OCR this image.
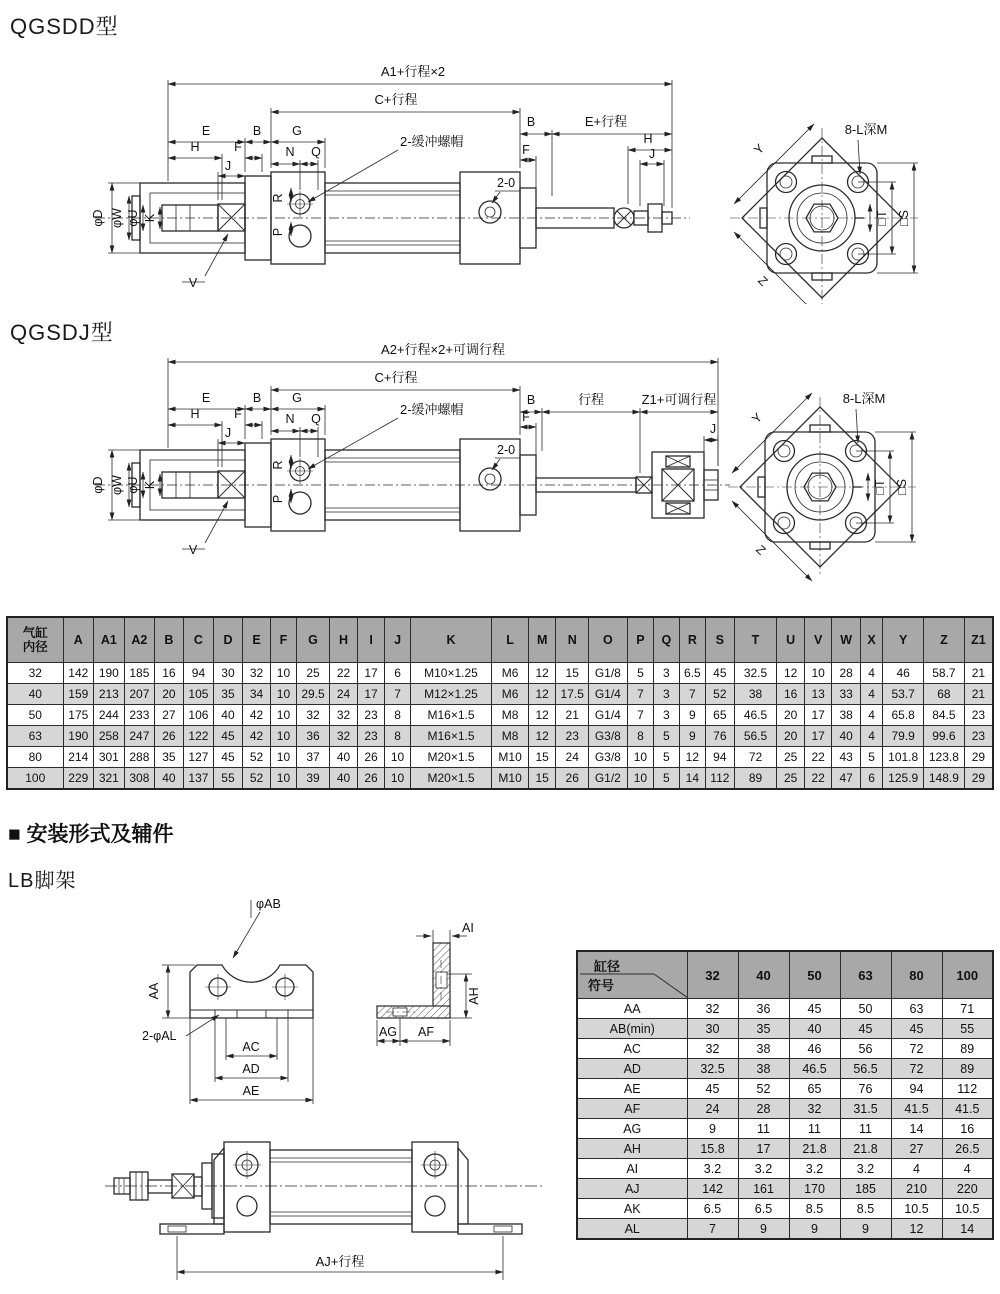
QGSDD型
A1+行程×2
C+行程
B	E+行程
E	B G
H	F	N Q
J
2-缓冲螺帽
2-0
F
H
J
φD φW φU K
V
R
P
8-L深M
Y
Z
I □T □S
QGSDJ型
A2+行程×2+可调行程
C+行程
B	行程	Z1+可调行程
E	B G
H	F	N Q
J
2-缓冲螺帽
2-0
F
J
φD φW φU K
V
R
P
8-L深M
Y
Z
I □T □S
气缸
内径	A	A1	A2	B	C	D	E	F	G	H	I	J	K	L	M	N	O	P	Q	R	S	T	U	V	W	X	Y	Z	Z1
32	142	190	185	16	94	30	32	10	25	22	17	6	M10×1.25	M6	12	15	G1/8	5	3	6.5	45	32.5	12	10	28	4	46	58.7	21
40	159	213	207	20	105	35	34	10	29.5	24	17	7	M12×1.25	M6	12	17.5	G1/4	7	3	7	52	38	16	13	33	4	53.7	68	21
50	175	244	233	27	106	40	42	10	32	32	23	8	M16×1.5	M8	12	21	G1/4	7	3	9	65	46.5	20	17	38	4	65.8	84.5	23
63	190	258	247	26	122	45	42	10	36	32	23	8	M16×1.5	M8	12	23	G3/8	8	5	9	76	56.5	20	17	40	4	79.9	99.6	23
80	214	301	288	35	127	45	52	10	37	40	26	10	M20×1.5	M10	15	24	G3/8	10	5	12	94	72	25	22	43	5	101.8	123.8	29
100	229	321	308	40	137	55	52	10	39	40	26	10	M20×1.5	M10	15	26	G1/2	10	5	14	112	89	25	22	47	6	125.9	148.9	29
■ 安装形式及辅件
LB脚架
φAB
AA
2-φAL
AC
AD
AE
AI
AH
AG AF
AJ+行程
缸径
符号	32	40	50	63	80	100
AA	32	36	45	50	63	71
AB(min)	30	35	40	45	45	55
AC	32	38	46	56	72	89
AD	32.5	38	46.5	56.5	72	89
AE	45	52	65	76	94	112
AF	24	28	32	31.5	41.5	41.5
AG	9	11	11	11	14	16
AH	15.8	17	21.8	21.8	27	26.5
AI	3.2	3.2	3.2	3.2	4	4
AJ	142	161	170	185	210	220
AK	6.5	6.5	8.5	8.5	10.5	10.5
AL	7	9	9	9	12	14
